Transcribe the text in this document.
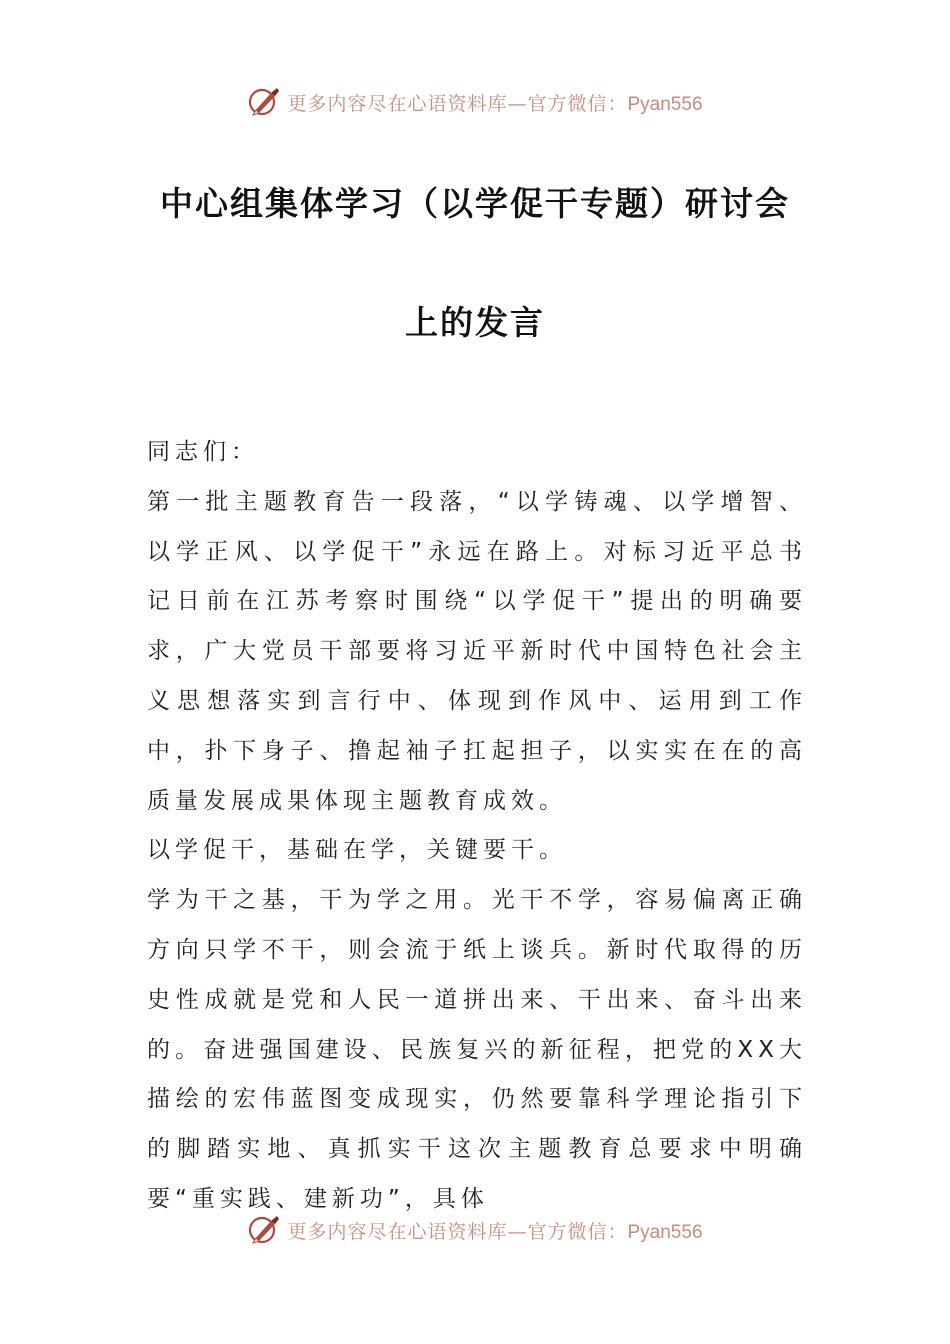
更多内容尽在心语资料库—官方微信：Pyan556
中心组集体学习（以学促干专题）研讨会
上的发言

同志们：

第一批主题教育告一段落，“以学铸魂、以学增智、以学正风、以学促干”永远在路上。对标习近平总书记日前在江苏考察时围绕“以学促干”提出的明确要求，广大党员干部要将习近平新时代中国特色社会主义思想落实到言行中、体现到作风中、运用到工作中，扑下身子、撸起袖子扛起担子，以实实在在的高质量发展成果体现主题教育成效。

以学促干，基础在学，关键要干。

学为干之基，干为学之用。光干不学，容易偏离正确方向只学不干，则会流于纸上谈兵。新时代取得的历史性成就是党和人民一道拼出来、干出来、奋斗出来的。奋进强国建设、民族复兴的新征程，把党的XX大描绘的宏伟蓝图变成现实，仍然要靠科学理论指引下的脚踏实地、真抓实干这次主题教育总要求中明确要“重实践、建新功”，具体

更多内容尽在心语资料库—官方微信：Pyan556
